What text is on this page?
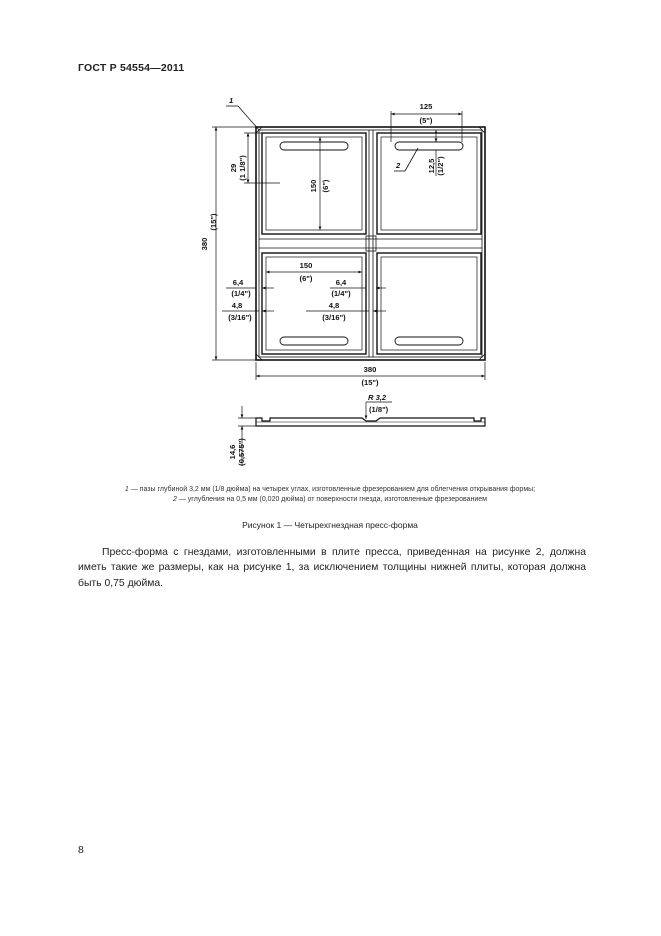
ГОСТ Р 54554—2011
1
2
125
(5")
29 (1 1/8")
380
(15")
150 (6")
12,5 (1/2")
150
(6")
6,4
(1/4")
6,4
(1/4")
4,8
(3/16")
4,8
(3/16")
380
(15")
R 3,2
(1/8")
14,6 (0,575")
1 — пазы глубиной 3,2 мм (1/8 дюйма) на четырех углах, изготовленные фрезерованием для облегчения открывания формы;
2 — углубления на 0,5 мм (0,020 дюйма) от поверхности гнезда, изготовленные фрезерованием
Рисунок 1 — Четырехгнездная пресс-форма
Пресс-форма с гнездами, изготовленными в плите пресса, приведенная на рисунке 2, должна иметь такие же размеры, как на рисунке 1, за исключением толщины нижней плиты, которая должна быть 0,75 дюйма.
8
